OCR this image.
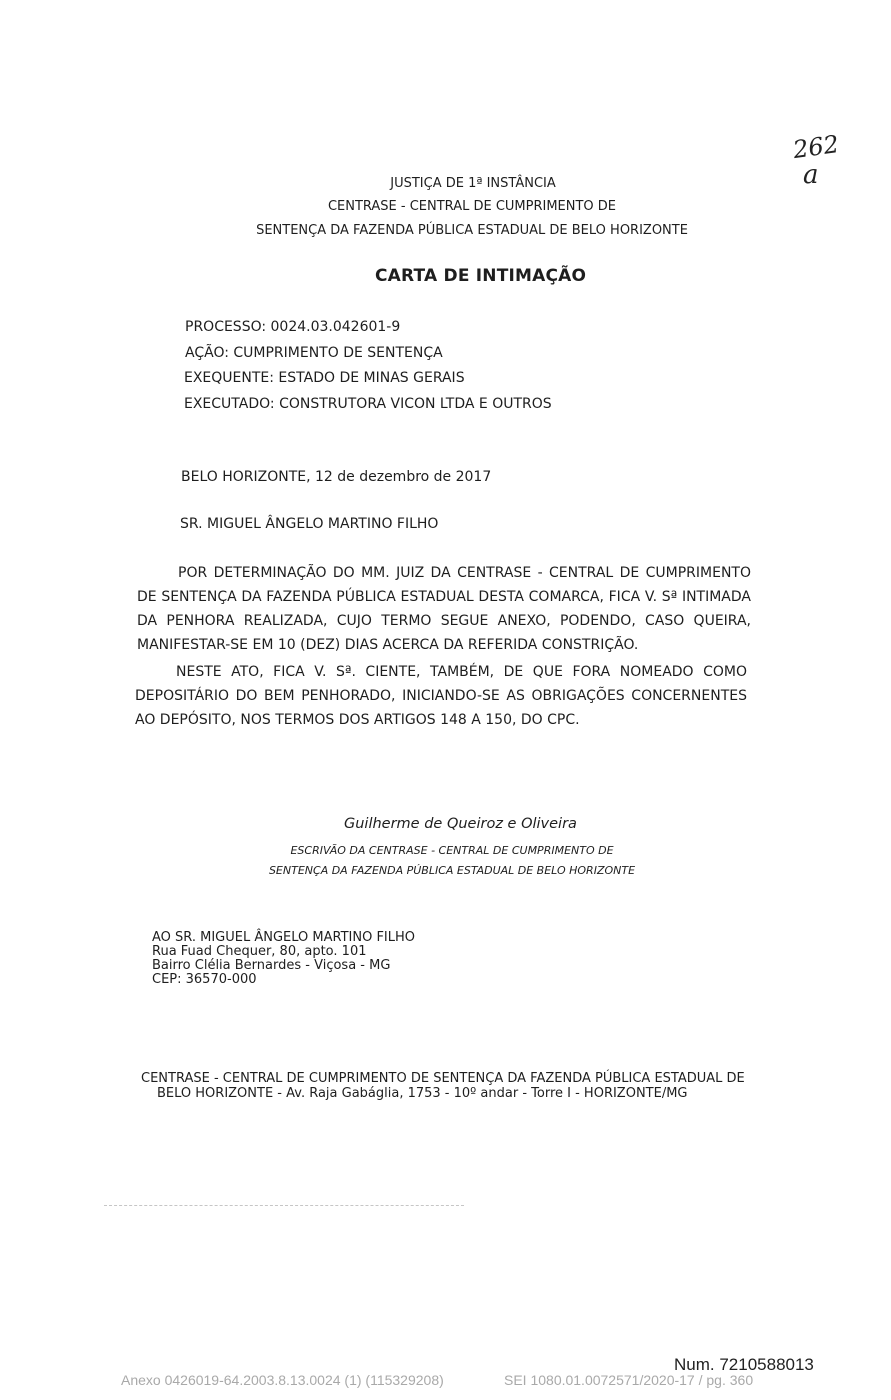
262
a
JUSTIÇA DE 1ª INSTÂNCIA
CENTRASE - CENTRAL DE CUMPRIMENTO DE
SENTENÇA DA FAZENDA PÚBLICA ESTADUAL DE BELO HORIZONTE
CARTA DE INTIMAÇÃO
PROCESSO: 0024.03.042601-9
AÇÃO: CUMPRIMENTO DE SENTENÇA
EXEQUENTE: ESTADO DE MINAS GERAIS
EXECUTADO: CONSTRUTORA VICON LTDA E OUTROS
BELO HORIZONTE, 12 de dezembro de 2017
SR. MIGUEL ÂNGELO MARTINO FILHO
POR DETERMINAÇÃO DO MM. JUIZ DA CENTRASE - CENTRAL DE CUMPRIMENTO
DE SENTENÇA DA FAZENDA PÚBLICA ESTADUAL DESTA COMARCA, FICA V. Sª INTIMADA
DA PENHORA REALIZADA, CUJO TERMO SEGUE ANEXO, PODENDO, CASO QUEIRA,
MANIFESTAR-SE EM 10 (DEZ) DIAS ACERCA DA REFERIDA CONSTRIÇÃO.
NESTE ATO, FICA V. Sª. CIENTE, TAMBÉM, DE QUE FORA NOMEADO COMO
DEPOSITÁRIO DO BEM PENHORADO, INICIANDO-SE AS OBRIGAÇÕES CONCERNENTES
AO DEPÓSITO, NOS TERMOS DOS ARTIGOS 148 A 150, DO CPC.
Guilherme de Queiroz e Oliveira
ESCRIVÃO DA CENTRASE - CENTRAL DE CUMPRIMENTO DE
SENTENÇA DA FAZENDA PÚBLICA ESTADUAL DE BELO HORIZONTE
AO SR. MIGUEL ÂNGELO MARTINO FILHO
Rua Fuad Chequer, 80, apto. 101
Bairro Clélia Bernardes - Viçosa - MG
CEP: 36570-000
CENTRASE - CENTRAL DE CUMPRIMENTO DE SENTENÇA DA FAZENDA PÚBLICA ESTADUAL DE
BELO HORIZONTE - Av. Raja Gabáglia, 1753 - 10º andar - Torre I - HORIZONTE/MG
Num. 7210588013
Anexo 0426019-64.2003.8.13.0024 (1) (115329208)	SEI 1080.01.0072571/2020-17 / pg. 360
